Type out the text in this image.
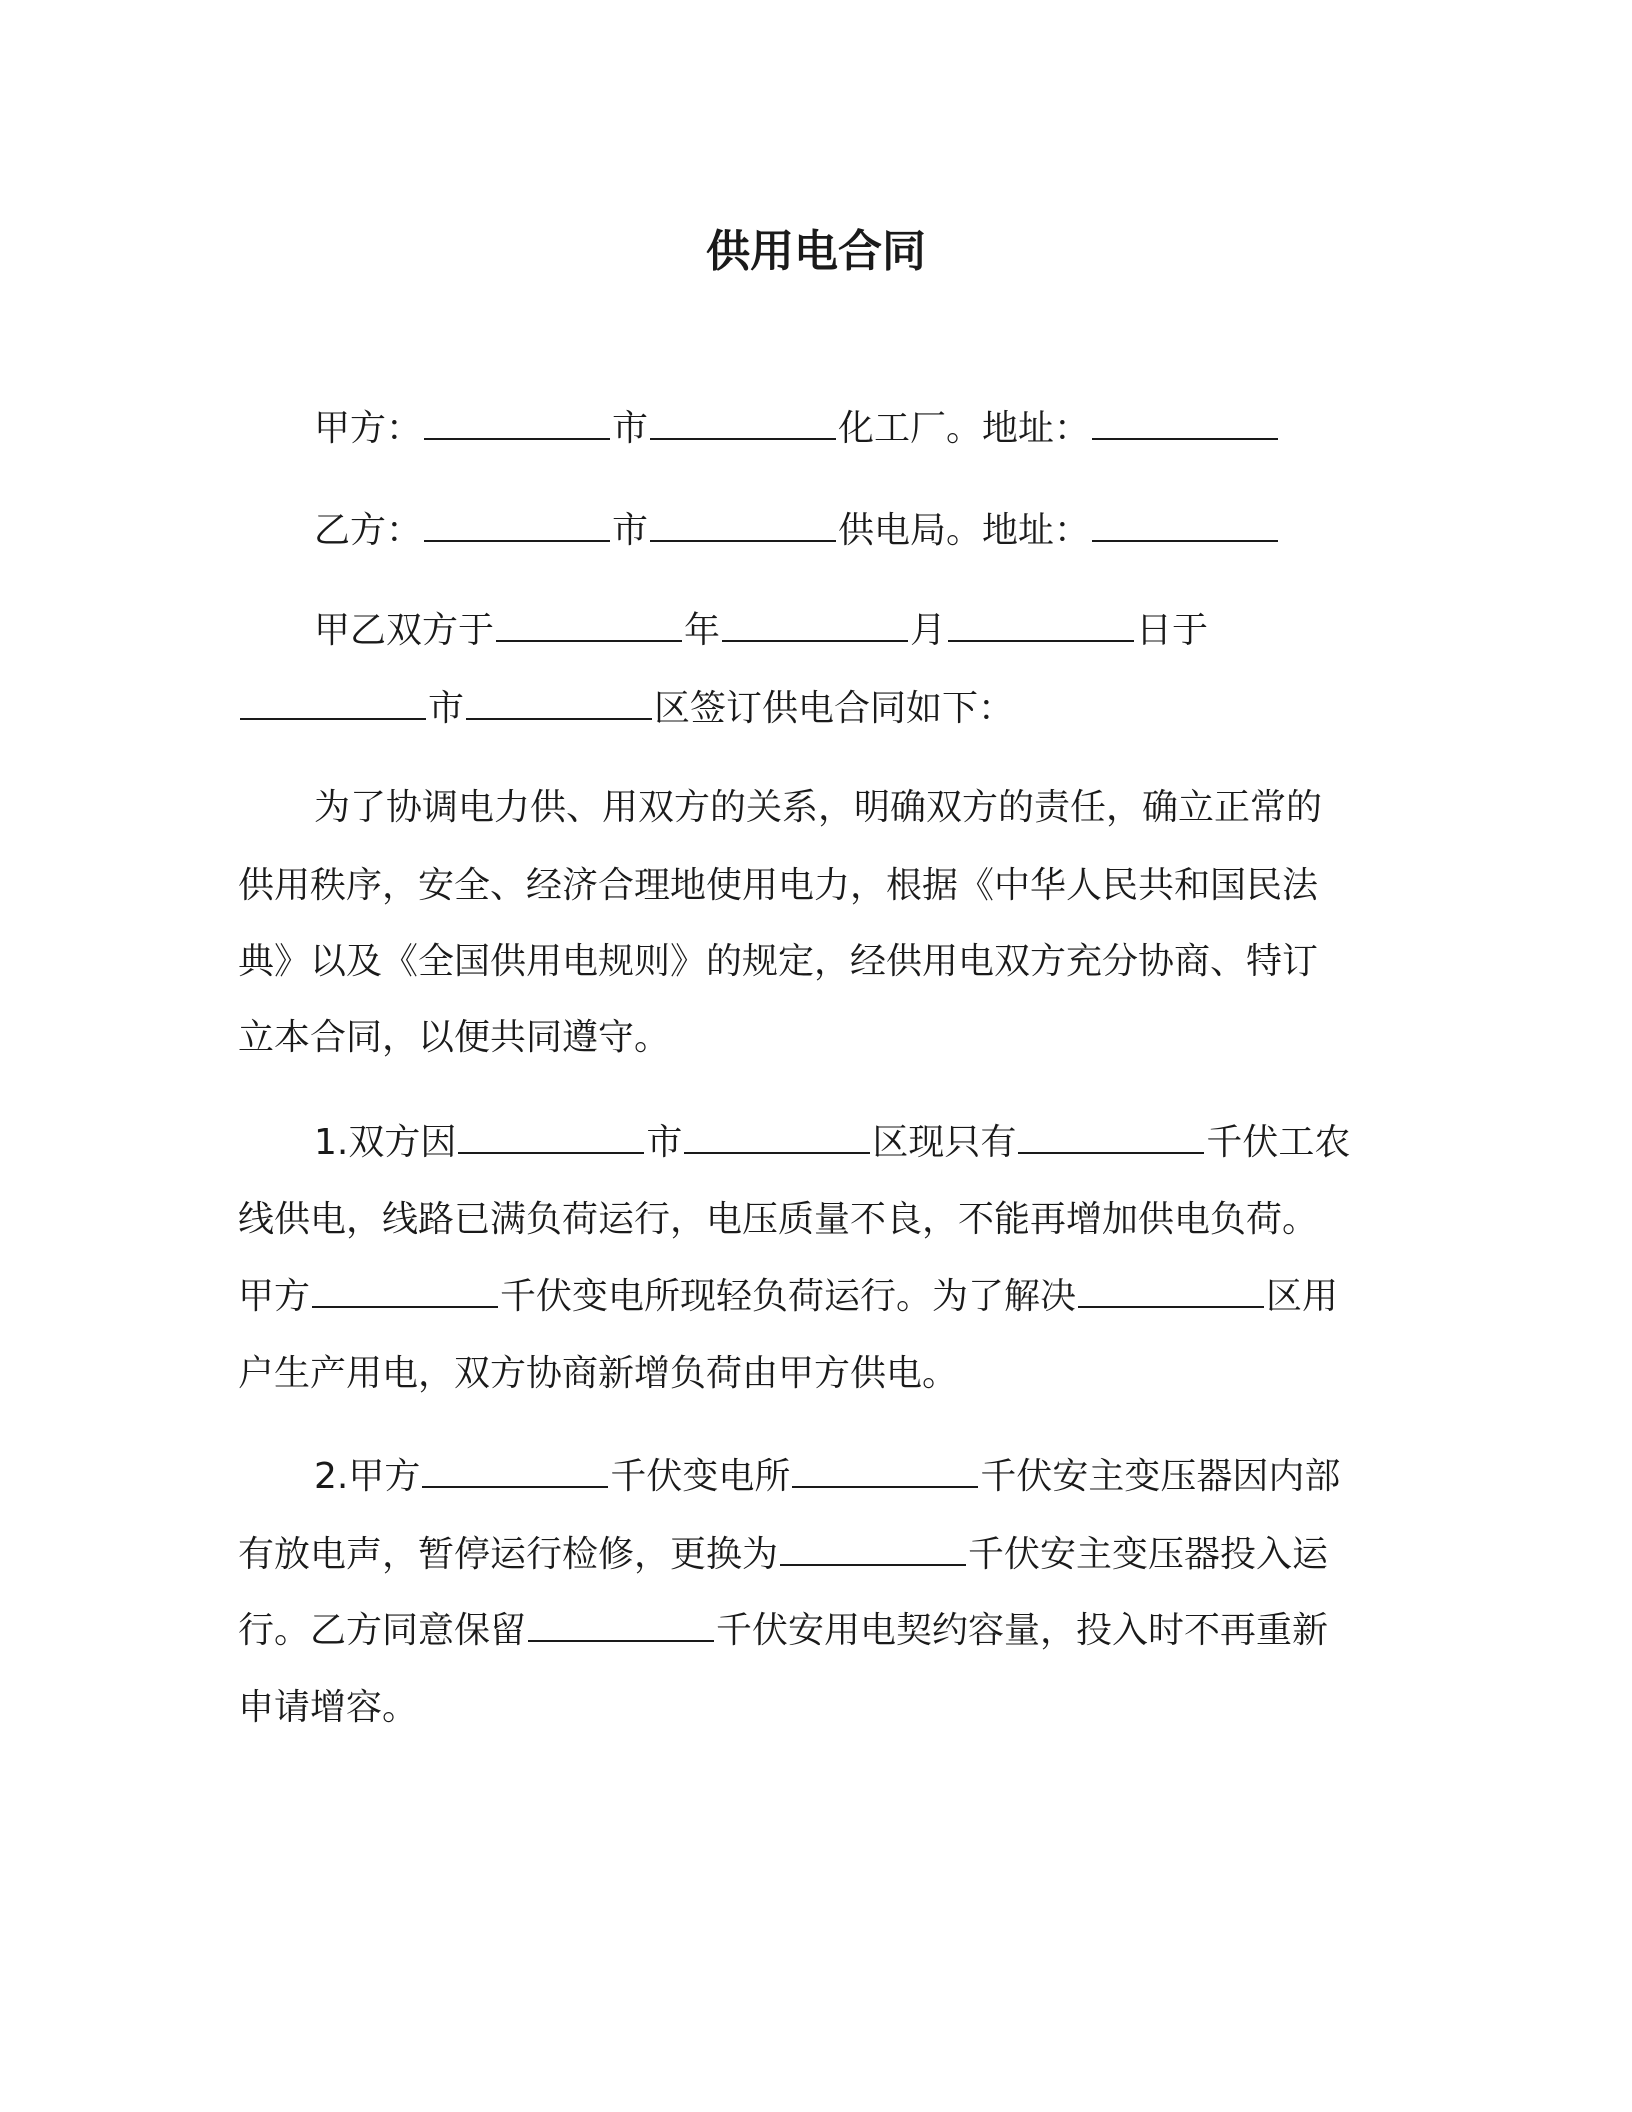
供用电合同
甲方：	市	化工厂。地址：
乙方：	市	供电局。地址：
甲乙双方于	年	月	日于
市	区签订供电合同如下：
为了协调电力供、用双方的关系，明确双方的责任，确立正常的
供用秩序，安全、经济合理地使用电力，根据《中华人民共和国民法
典》以及《全国供用电规则》的规定，经供用电双方充分协商、特订
立本合同，以便共同遵守。
1.双方因	市	区现只有	千伏工农
线供电，线路已满负荷运行，电压质量不良，不能再增加供电负荷。
甲方	千伏变电所现轻负荷运行。为了解决	区用
户生产用电，双方协商新增负荷由甲方供电。
2.甲方	千伏变电所	千伏安主变压器因内部
有放电声，暂停运行检修，更换为	千伏安主变压器投入运
行。乙方同意保留	千伏安用电契约容量，投入时不再重新
申请增容。
